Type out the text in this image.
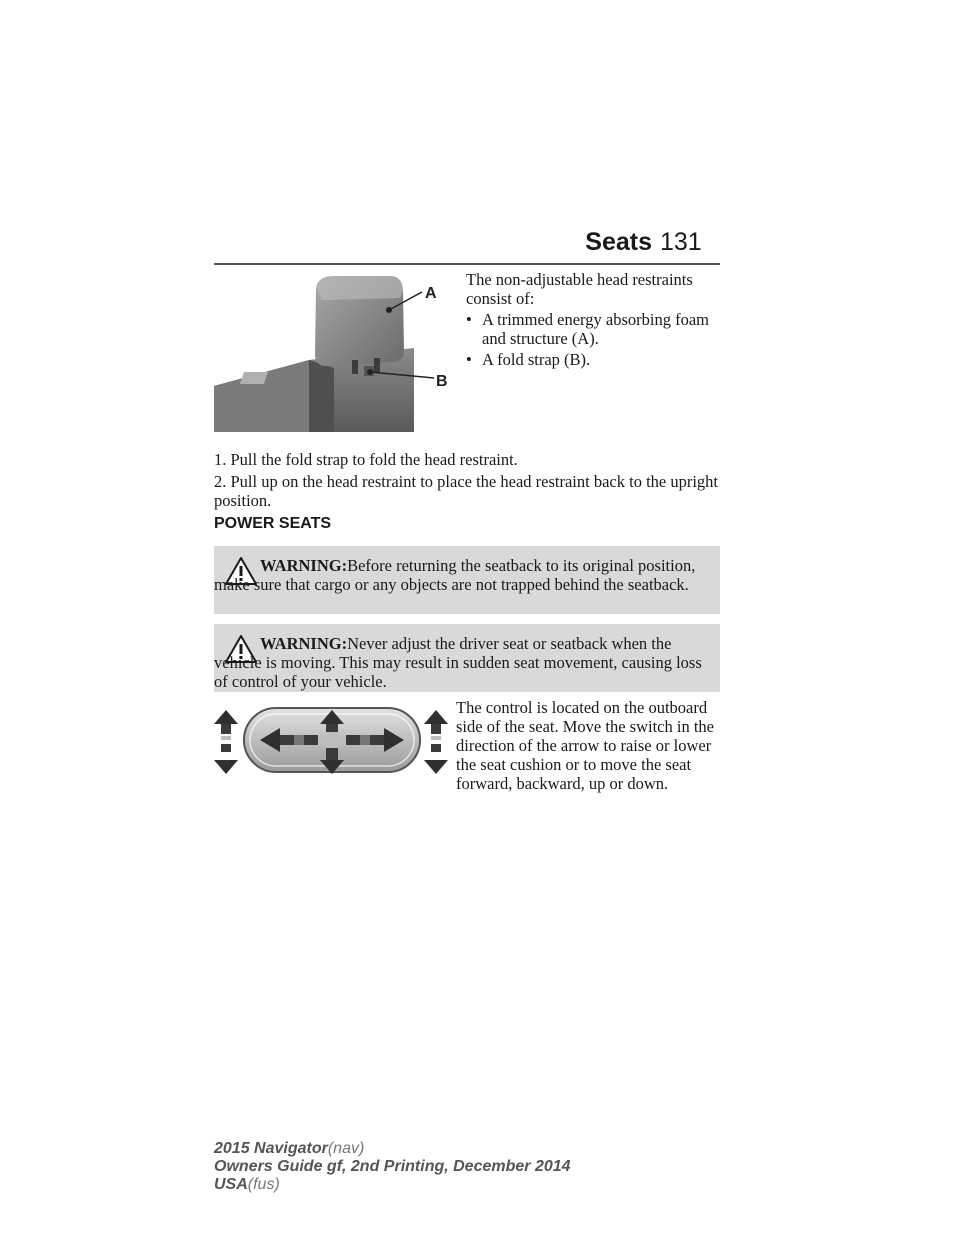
Seats 131
A
B
The non-adjustable head restraints consist of:
• A trimmed energy absorbing foam and structure (A).
• A fold strap (B).
1. Pull the fold strap to fold the head restraint.
2. Pull up on the head restraint to place the head restraint back to the upright position.
POWER SEATS
WARNING:Before returning the seatback to its original position, make sure that cargo or any objects are not trapped behind the seatback.
WARNING:Never adjust the driver seat or seatback when the vehicle is moving. This may result in sudden seat movement, causing loss of control of your vehicle.
The control is located on the outboard side of the seat. Move the switch in the direction of the arrow to raise or lower the seat cushion or to move the seat forward, backward, up or down.
2015 Navigator(nav)
Owners Guide gf, 2nd Printing, December 2014
USA(fus)
